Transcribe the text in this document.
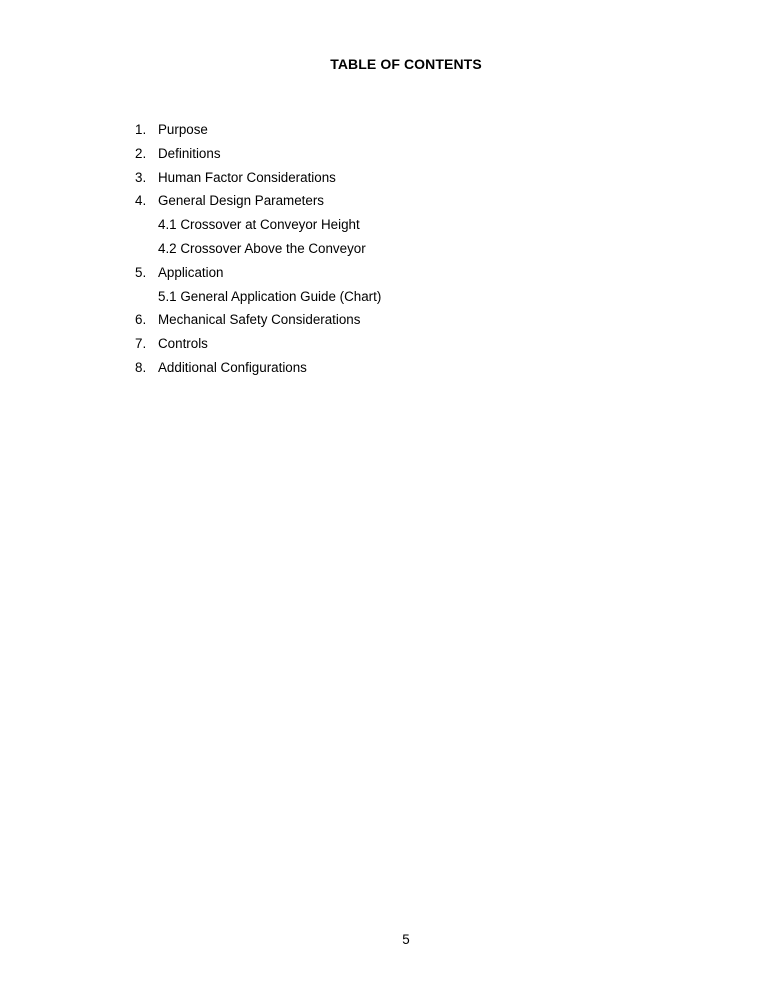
TABLE OF CONTENTS
1. Purpose
2. Definitions
3. Human Factor Considerations
4. General Design Parameters
4.1 Crossover at Conveyor Height
4.2 Crossover Above the Conveyor
5. Application
5.1 General Application Guide (Chart)
6. Mechanical Safety Considerations
7. Controls
8. Additional Configurations
5
